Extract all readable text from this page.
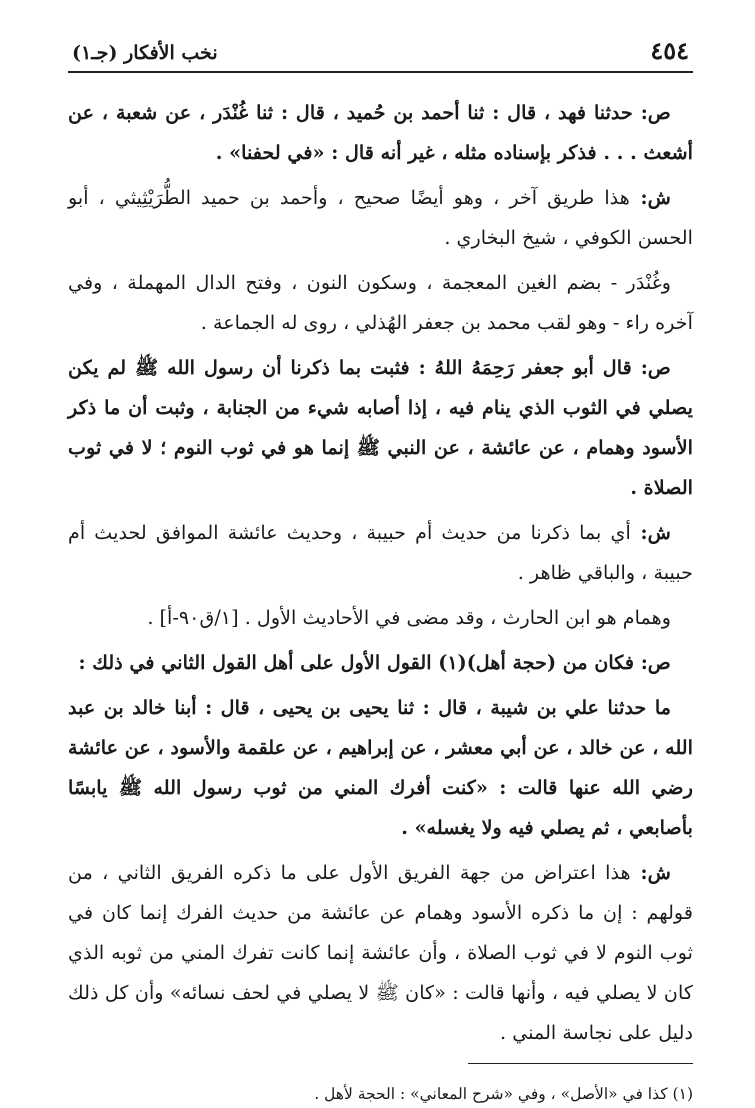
٤٥٤
نخب الأفكار (جـ١)

ص: حدثنا فهد ، قال : ثنا أحمد بن حُميد ، قال : ثنا غُنْدَر ، عن شعبة ، عن أشعث . . . فذكر بإسناده مثله ، غير أنه قال : «في لحفنا» .

ش: هذا طريق آخر ، وهو أيضًا صحيح ، وأحمد بن حميد الطُّرَيْثِيثي ، أبو الحسن الكوفي ، شيخ البخاري .

وغُنْدَر - بضم الغين المعجمة ، وسكون النون ، وفتح الدال المهملة ، وفي آخره راء - وهو لقب محمد بن جعفر الهُذلي ، روى له الجماعة .

ص: قال أبو جعفر رَحِمَهُ اللهُ : فثبت بما ذكرنا أن رسول الله ﷺ لم يكن يصلي في الثوب الذي ينام فيه ، إذا أصابه شيء من الجنابة ، وثبت أن ما ذكر الأسود وهمام ، عن عائشة ، عن النبي ﷺ إنما هو في ثوب النوم ؛ لا في ثوب الصلاة .

ش: أي بما ذكرنا من حديث أم حبيبة ، وحديث عائشة الموافق لحديث أم حبيبة ، والباقي ظاهر .

وهمام هو ابن الحارث ، وقد مضى في الأحاديث الأول . [١/ق٩٠-أ] .

ص: فكان من (حجة أهل)(١) القول الأول على أهل القول الثاني في ذلك :

ما حدثنا علي بن شيبة ، قال : ثنا يحيى بن يحيى ، قال : أبنا خالد بن عبد الله ، عن خالد ، عن أبي معشر ، عن إبراهيم ، عن علقمة والأسود ، عن عائشة رضي الله عنها قالت : «كنت أفرك المني من ثوب رسول الله ﷺ يابسًا بأصابعي ، ثم يصلي فيه ولا يغسله» .

ش: هذا اعتراض من جهة الفريق الأول على ما ذكره الفريق الثاني ، من قولهم : إن ما ذكره الأسود وهمام عن عائشة من حديث الفرك إنما كان في ثوب النوم لا في ثوب الصلاة ، وأن عائشة إنما كانت تفرك المني من ثوبه الذي كان لا يصلي فيه ، وأنها قالت : «كان ﷺ لا يصلي في لحف نسائه» وأن كل ذلك دليل على نجاسة المني .

(١) كذا في «الأصل» ، وفي «شرح المعاني» : الحجة لأهل .
